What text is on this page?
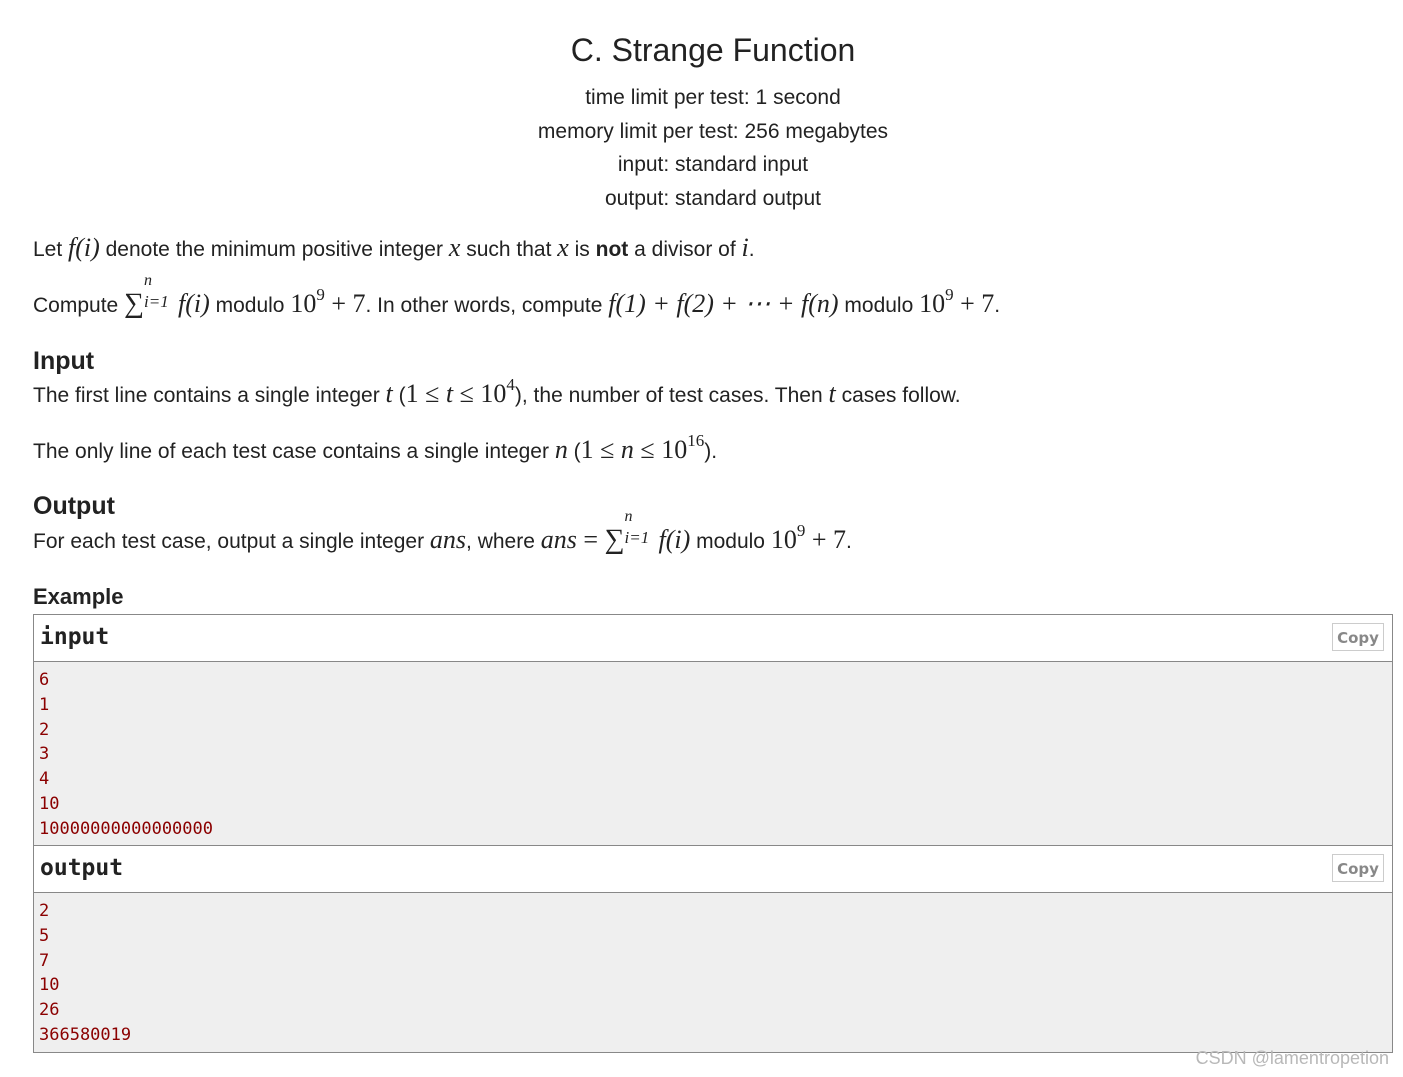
C. Strange Function
time limit per test: 1 second
memory limit per test: 256 megabytes
input: standard input
output: standard output
Let f(i) denote the minimum positive integer x such that x is not a divisor of i.
Compute ∑
n
i=1 f(i) modulo $10^9 + 7$. In other words, compute f(1) + f(2) + ⋯ + f(n) modulo $10^9 + 7$.
Input
The first line contains a single integer t $(1 \le t \le 10^4)$, the number of test cases. Then t cases follow.
The only line of each test case contains a single integer n $(1 \le n \le 10^{16})$.
Output
For each test case, output a single integer ans, where ans = ∑
n
i=1 f(i) modulo $10^9 + 7$.
Example
input	Copy
6
1
2
3
4
10
10000000000000000
output	Copy
2
5
7
10
26
366580019
CSDN @lamentropetion
